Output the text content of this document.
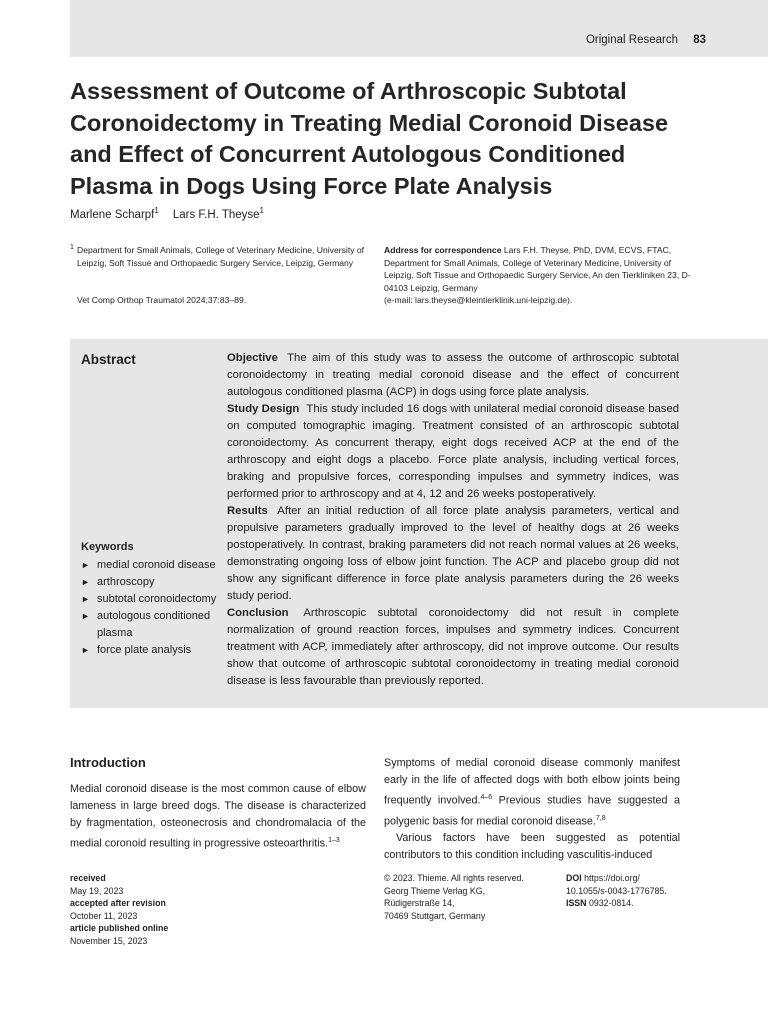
Original Research 83
Assessment of Outcome of Arthroscopic Subtotal Coronoidectomy in Treating Medial Coronoid Disease and Effect of Concurrent Autologous Conditioned Plasma in Dogs Using Force Plate Analysis
Marlene Scharpf$^1$ Lars F.H. Theyse$^1$
1 Department for Small Animals, College of Veterinary Medicine, University of Leipzig, Soft Tissue and Orthopaedic Surgery Service, Leipzig, Germany
Vet Comp Orthop Traumatol 2024;37:83–89.
Address for correspondence Lars F.H. Theyse, PhD, DVM, ECVS, FTAC, Department for Small Animals, College of Veterinary Medicine, University of Leipzig, Soft Tissue and Orthopaedic Surgery Service, An den Tierkliniken 23, D- 04103 Leipzig, Germany
(e-mail: lars.theyse@kleintierklinik.uni-leipzig.de).
Abstract	Objective The aim of this study was to assess the outcome of arthroscopic subtotal coronoidectomy in treating medial coronoid disease and the effect of concurrent autologous conditioned plasma (ACP) in dogs using force plate analysis.

Study Design This study included 16 dogs with unilateral medial coronoid disease based on computed tomographic imaging. Treatment consisted of an arthroscopic subtotal coronoidectomy. As concurrent therapy, eight dogs received ACP at the end of the arthroscopy and eight dogs a placebo. Force plate analysis, including vertical forces, braking and propulsive forces, corresponding impulses and symmetry indices, was performed prior to arthroscopy and at 4, 12 and 26 weeks postoperatively.

Results After an initial reduction of all force plate analysis parameters, vertical and propulsive parameters gradually improved to the level of healthy dogs at 26 weeks postoperatively. In contrast, braking parameters did not reach normal values at 26 weeks, demonstrating ongoing loss of elbow joint function. The ACP and placebo group did not show any significant difference in force plate analysis parameters during the 26 weeks study period.

Conclusion Arthroscopic subtotal coronoidectomy did not result in complete normalization of ground reaction forces, impulses and symmetry indices. Concurrent treatment with ACP, immediately after arthroscopy, did not improve outcome. Our results show that outcome of arthroscopic subtotal coronoidectomy in treating medial coronoid disease is less favourable than previously reported.

Keywords
► medial coronoid disease
► arthroscopy
► subtotal coronoidectomy
► autologous conditioned plasma
► force plate analysis
Introduction

Medial coronoid disease is the most common cause of elbow lameness in large breed dogs. The disease is characterized by fragmentation, osteonecrosis and chondromalacia of the medial coronoid resulting in progressive osteoarthritis.$^{1-3}$

Symptoms of medial coronoid disease commonly manifest early in the life of affected dogs with both elbow joints being frequently involved.$^{4-6}$ Previous studies have suggested a polygenic basis for medial coronoid disease.$^{7,8}$

Various factors have been suggested as potential contributors to this condition including vasculitis-induced

received
May 19, 2023
accepted after revision
October 11, 2023
article published online
November 15, 2023
© 2023. Thieme. All rights reserved.
Georg Thieme Verlag KG,
Rüdigerstraße 14,
70469 Stuttgart, Germany
DOI https://doi.org/
10.1055/s-0043-1776785.
ISSN 0932-0814.
